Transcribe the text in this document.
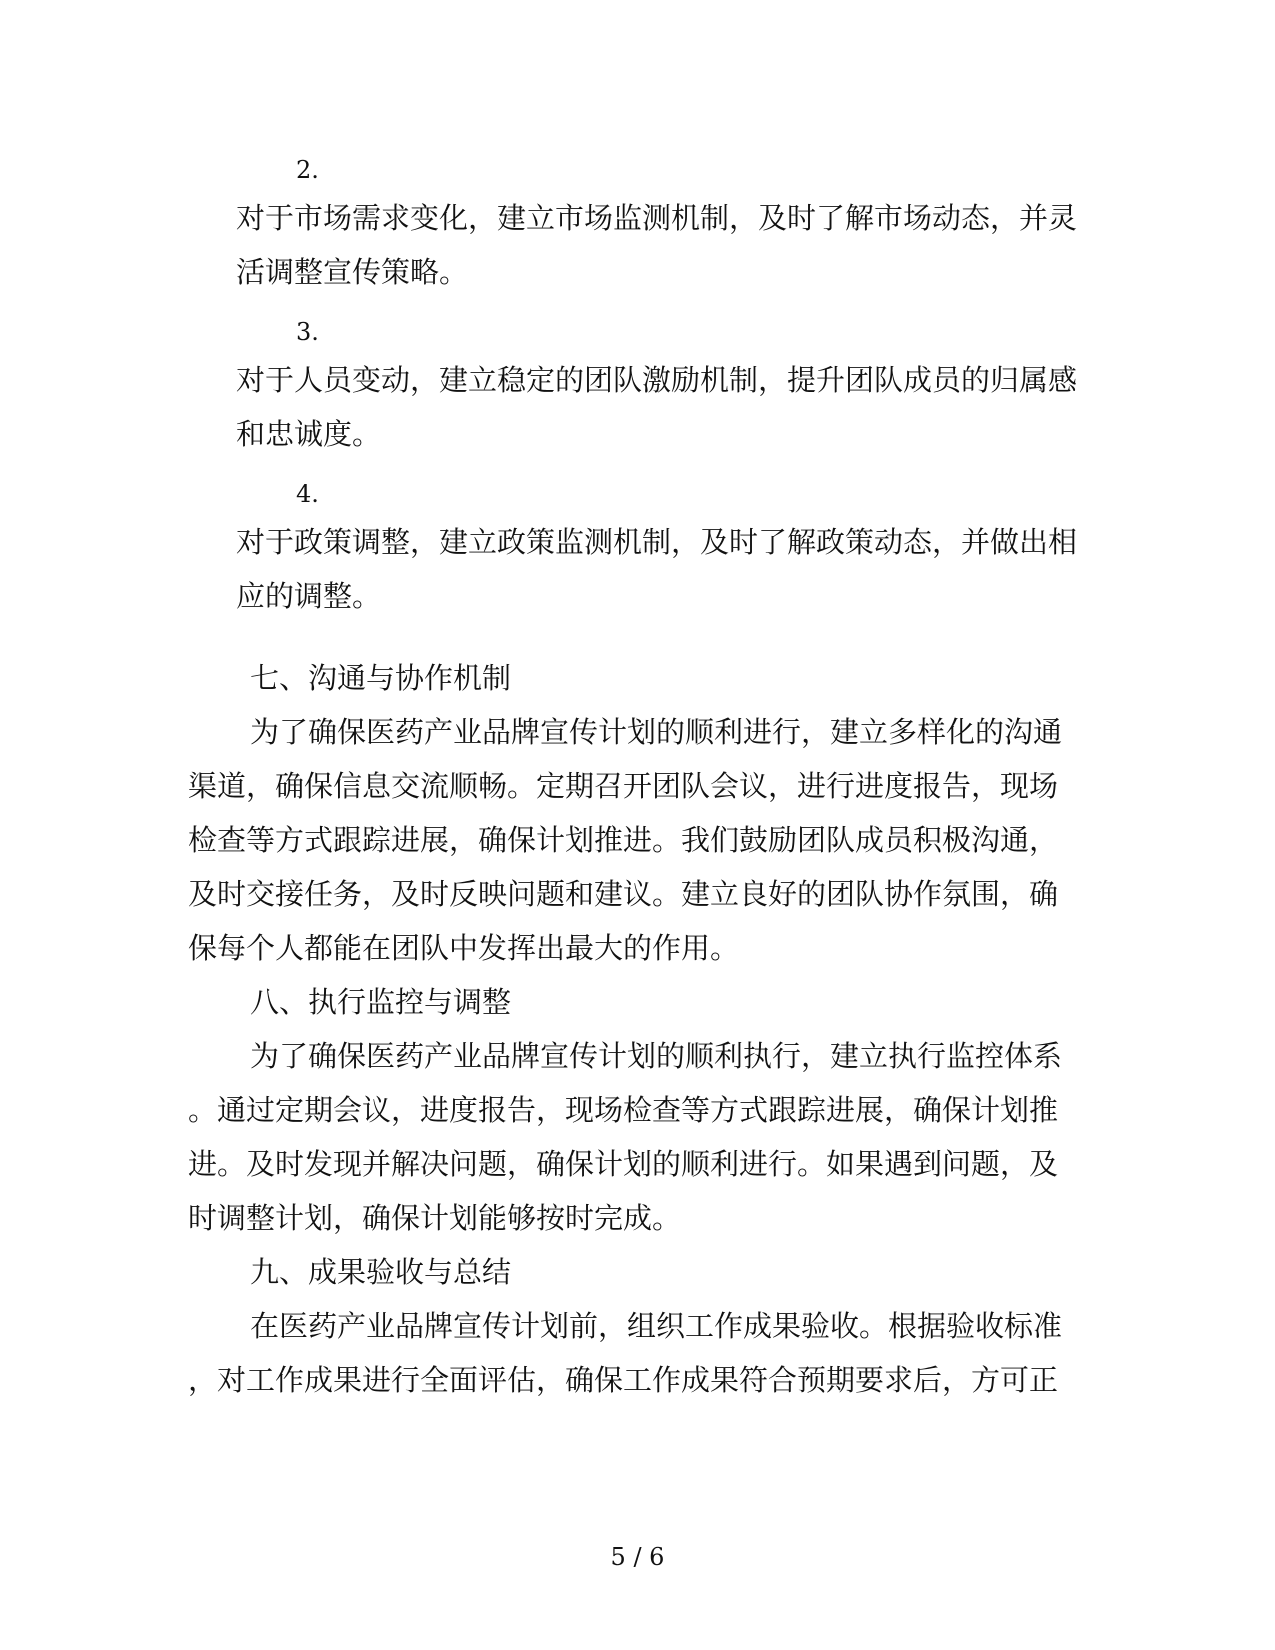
2.
对于市场需求变化，建立市场监测机制，及时了解市场动态，并灵
活调整宣传策略。
3.
对于人员变动，建立稳定的团队激励机制，提升团队成员的归属感
和忠诚度。
4.
对于政策调整，建立政策监测机制，及时了解政策动态，并做出相
应的调整。
七、沟通与协作机制
为了确保医药产业品牌宣传计划的顺利进行，建立多样化的沟通
渠道，确保信息交流顺畅。定期召开团队会议，进行进度报告，现场
检查等方式跟踪进展，确保计划推进。我们鼓励团队成员积极沟通，
及时交接任务，及时反映问题和建议。建立良好的团队协作氛围，确
保每个人都能在团队中发挥出最大的作用。
八、执行监控与调整
为了确保医药产业品牌宣传计划的顺利执行，建立执行监控体系
。通过定期会议，进度报告，现场检查等方式跟踪进展，确保计划推
进。及时发现并解决问题，确保计划的顺利进行。如果遇到问题，及
时调整计划，确保计划能够按时完成。
九、成果验收与总结
在医药产业品牌宣传计划前，组织工作成果验收。根据验收标准
，对工作成果进行全面评估，确保工作成果符合预期要求后，方可正
5 / 6
